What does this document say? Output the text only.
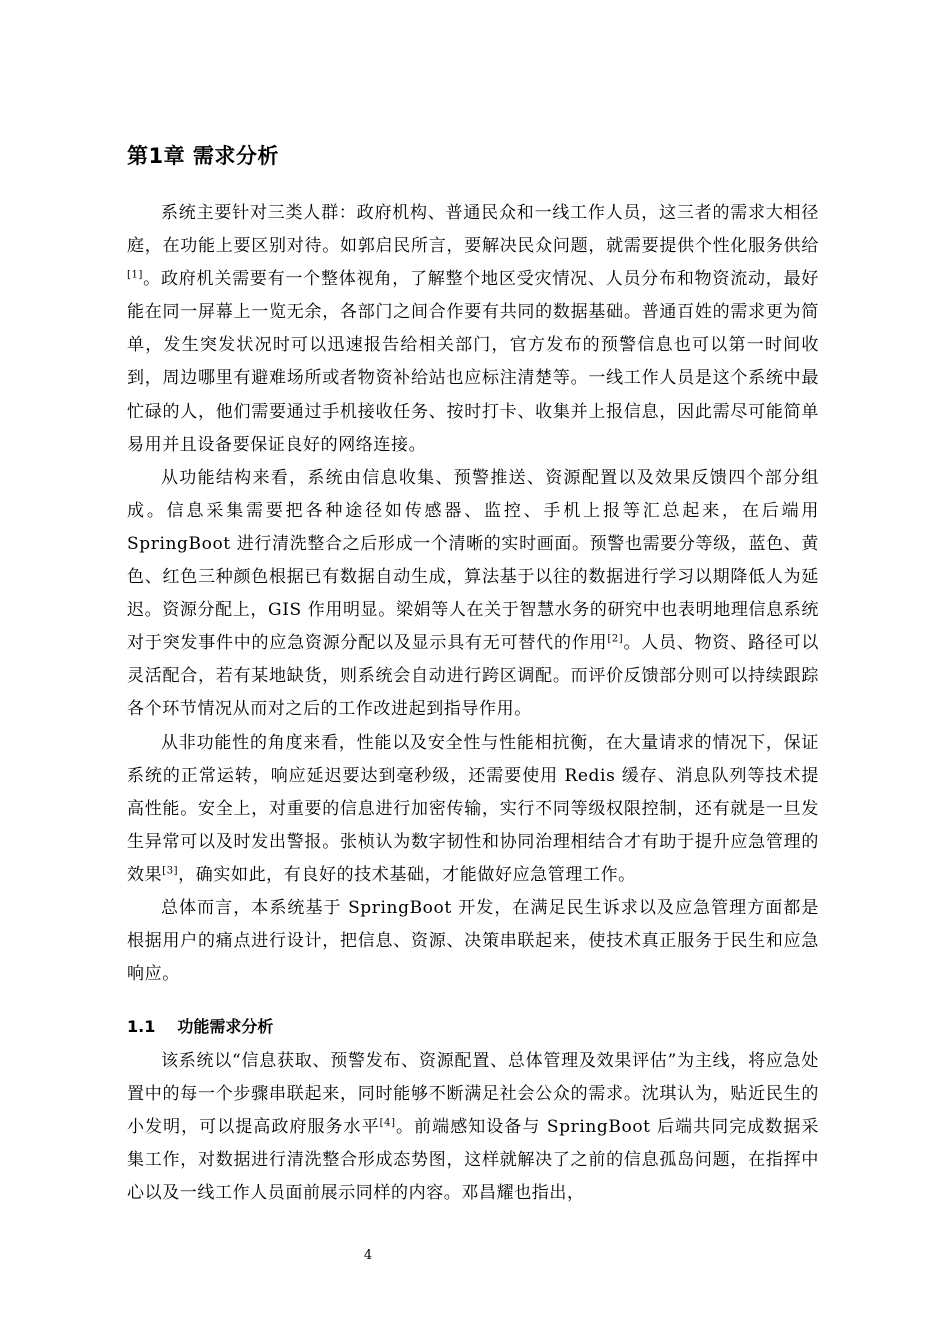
第1章 需求分析

系统主要针对三类人群：政府机构、普通民众和一线工作人员，这三者的需求大相径庭，在功能上要区别对待。如郭启民所言，要解决民众问题，就需要提供个性化服务供给[1]。政府机关需要有一个整体视角，了解整个地区受灾情况、人员分布和物资流动，最好能在同一屏幕上一览无余，各部门之间合作要有共同的数据基础。普通百姓的需求更为简单，发生突发状况时可以迅速报告给相关部门，官方发布的预警信息也可以第一时间收到，周边哪里有避难场所或者物资补给站也应标注清楚等。一线工作人员是这个系统中最忙碌的人，他们需要通过手机接收任务、按时打卡、收集并上报信息，因此需尽可能简单易用并且设备要保证良好的网络连接。

从功能结构来看，系统由信息收集、预警推送、资源配置以及效果反馈四个部分组成。信息采集需要把各种途径如传感器、监控、手机上报等汇总起来，在后端用 SpringBoot 进行清洗整合之后形成一个清晰的实时画面。预警也需要分等级，蓝色、黄色、红色三种颜色根据已有数据自动生成，算法基于以往的数据进行学习以期降低人为延迟。资源分配上，GIS 作用明显。梁娟等人在关于智慧水务的研究中也表明地理信息系统对于突发事件中的应急资源分配以及显示具有无可替代的作用[2]。人员、物资、路径可以灵活配合，若有某地缺货，则系统会自动进行跨区调配。而评价反馈部分则可以持续跟踪各个环节情况从而对之后的工作改进起到指导作用。

从非功能性的角度来看，性能以及安全性与性能相抗衡，在大量请求的情况下，保证系统的正常运转，响应延迟要达到毫秒级，还需要使用 Redis 缓存、消息队列等技术提高性能。安全上，对重要的信息进行加密传输，实行不同等级权限控制，还有就是一旦发生异常可以及时发出警报。张桢认为数字韧性和协同治理相结合才有助于提升应急管理的效果[3]，确实如此，有良好的技术基础，才能做好应急管理工作。

总体而言，本系统基于 SpringBoot 开发，在满足民生诉求以及应急管理方面都是根据用户的痛点进行设计，把信息、资源、决策串联起来，使技术真正服务于民生和应急响应。

1.1 功能需求分析

该系统以“信息获取、预警发布、资源配置、总体管理及效果评估”为主线，将应急处置中的每一个步骤串联起来，同时能够不断满足社会公众的需求。沈琪认为，贴近民生的小发明，可以提高政府服务水平[4]。前端感知设备与 SpringBoot 后端共同完成数据采集工作，对数据进行清洗整合形成态势图，这样就解决了之前的信息孤岛问题，在指挥中心以及一线工作人员面前展示同样的内容。邓昌耀也指出，

4
